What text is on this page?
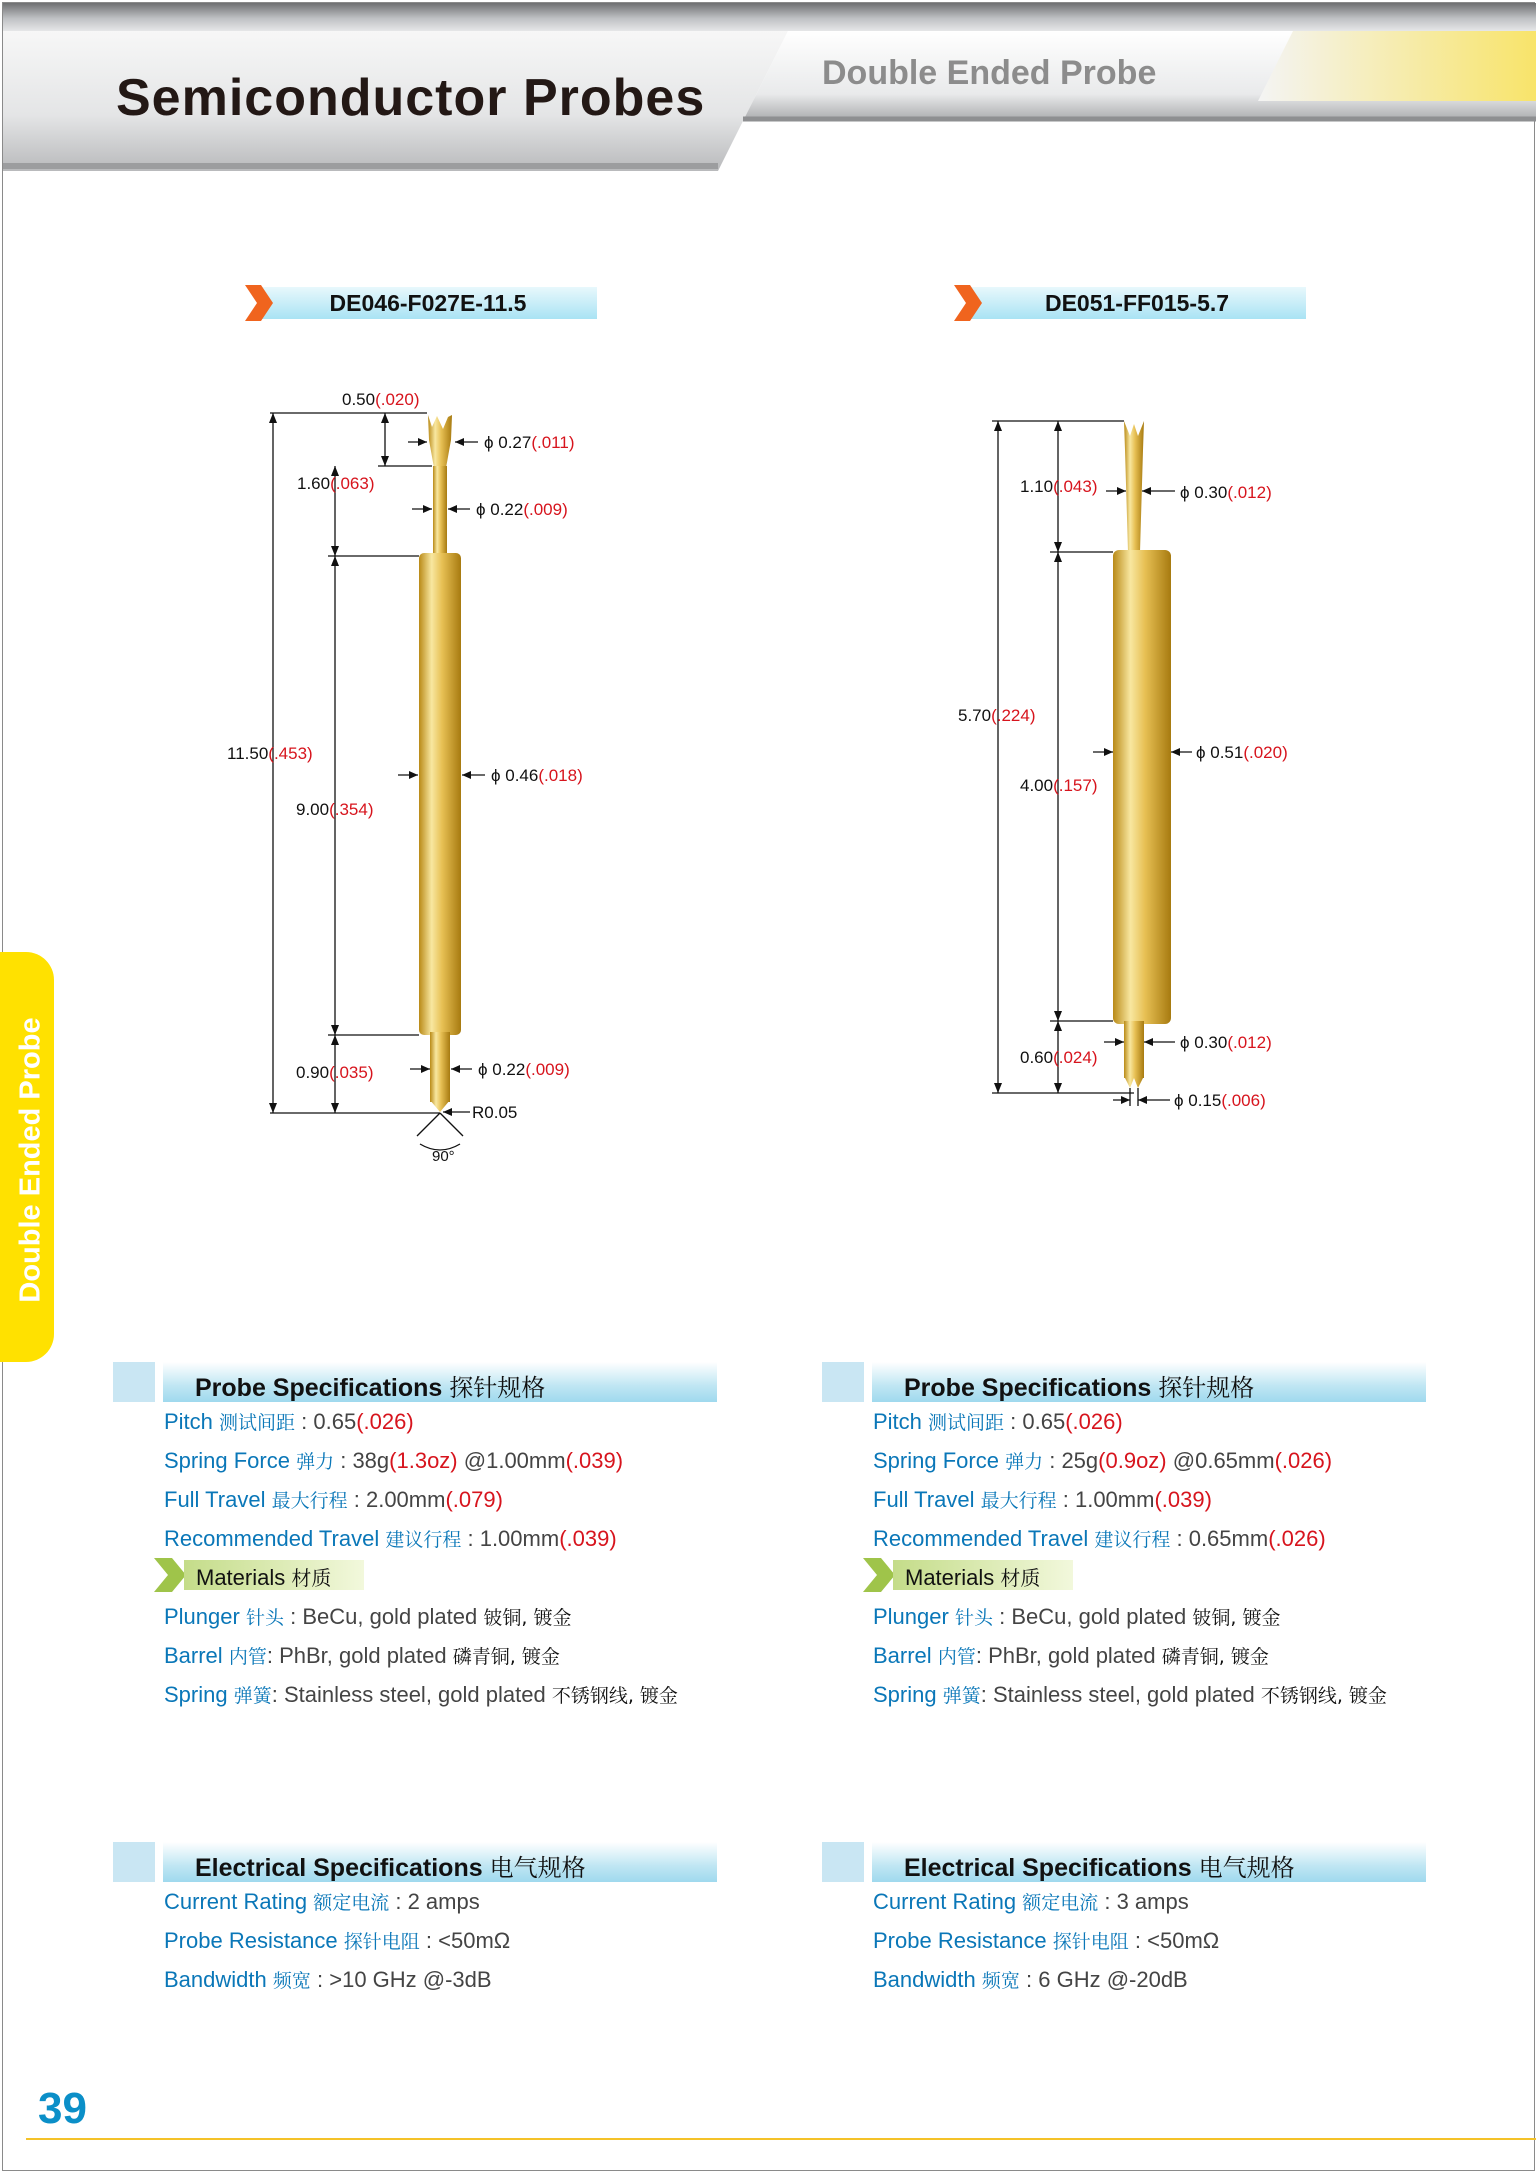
Semiconductor Probes	Double Ended Probe
Double Ended Probe
DE046-F027E-11.5	DE051-FF015-5.7
0.50(.020)
ϕ 0.27(.011)
1.60(.063)
ϕ 0.22(.009)
11.50(.453)
9.00(.354)
ϕ 0.46(.018)
0.90(.035)	ϕ 0.22(.009)
R0.05
90°
1.10(.043)	ϕ 0.30(.012)
5.70(.224)
4.00(.157)
ϕ 0.51(.020)
0.60(.024)
ϕ 0.30(.012)
ϕ 0.15(.006)
Probe Specifications 探针规格
Pitch 测试间距 : 0.65(.026)
Spring Force 弹力 : 38g(1.3oz) @1.00mm(.039)
Full Travel 最大行程 : 2.00mm(.079)
Recommended Travel 建议行程 : 1.00mm(.039)
Materials 材质
Plunger 针头 : BeCu, gold plated 铍铜, 镀金
Barrel 内管: PhBr, gold plated 磷青铜, 镀金
Spring 弹簧: Stainless steel, gold plated 不锈钢线, 镀金
Electrical Specifications 电气规格
Current Rating 额定电流 : 2 amps
Probe Resistance 探针电阻 : <50mΩ
Bandwidth 频宽 : >10 GHz @-3dB
Probe Specifications 探针规格
Pitch 测试间距 : 0.65(.026)
Spring Force 弹力 : 25g(0.9oz) @0.65mm(.026)
Full Travel 最大行程 : 1.00mm(.039)
Recommended Travel 建议行程 : 0.65mm(.026)
Materials 材质
Plunger 针头 : BeCu, gold plated 铍铜, 镀金
Barrel 内管: PhBr, gold plated 磷青铜, 镀金
Spring 弹簧: Stainless steel, gold plated 不锈钢线, 镀金
Electrical Specifications 电气规格
Current Rating 额定电流 : 3 amps
Probe Resistance 探针电阻 : <50mΩ
Bandwidth 频宽 : 6 GHz @-20dB
39
